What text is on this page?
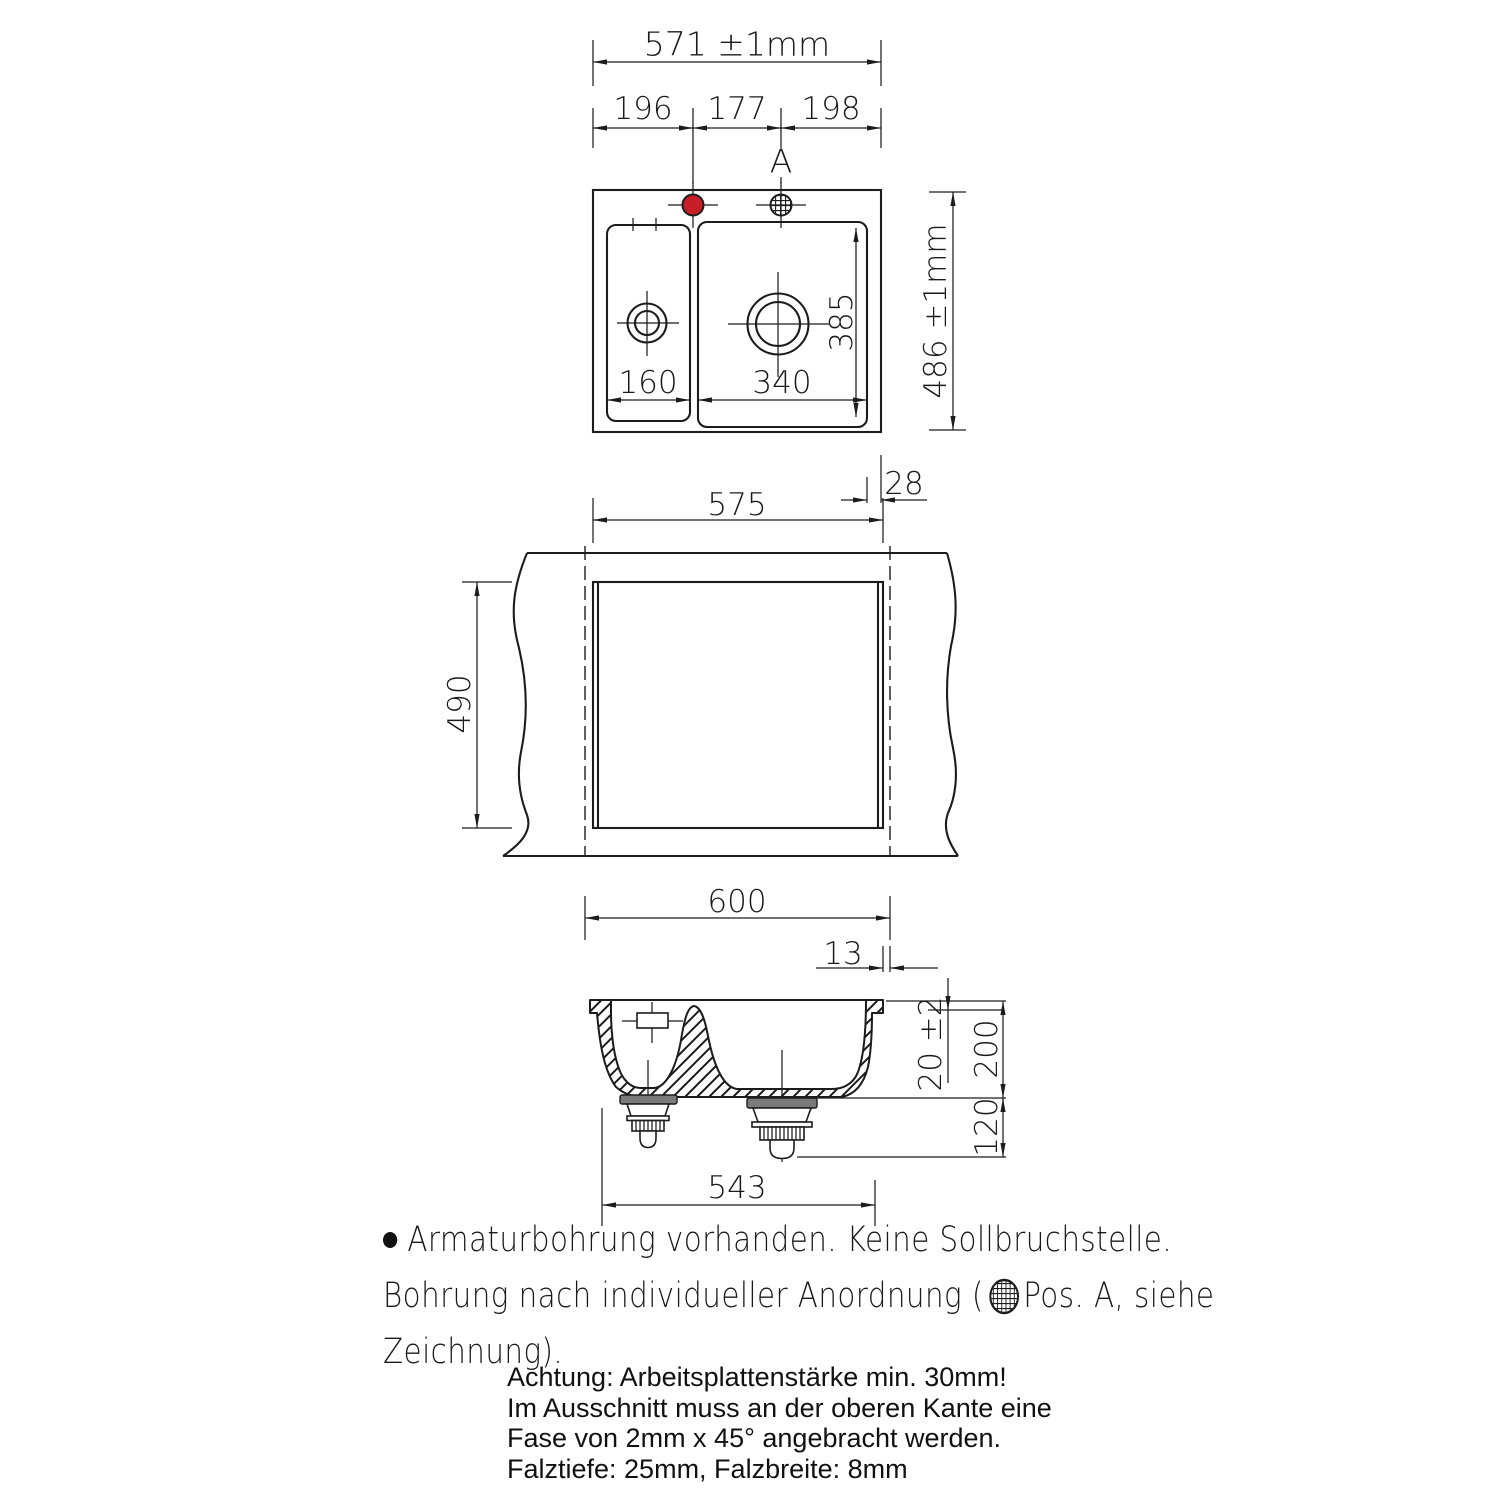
571 ±1mm
196 177 198
A
385
160 340	486 ±1mm
28
575
490
600
13
20 ±2 200
120
543
Armaturbohrung vorhanden. Keine Sollbruchstelle.
Bohrung nach individueller Anordnung ( Pos. A, siehe
Zeichnung).
Achtung: Arbeitsplattenstärke min. 30mm!
Im Ausschnitt muss an der oberen Kante eine
Fase von 2mm x 45° angebracht werden.
Falztiefe: 25mm, Falzbreite: 8mm
